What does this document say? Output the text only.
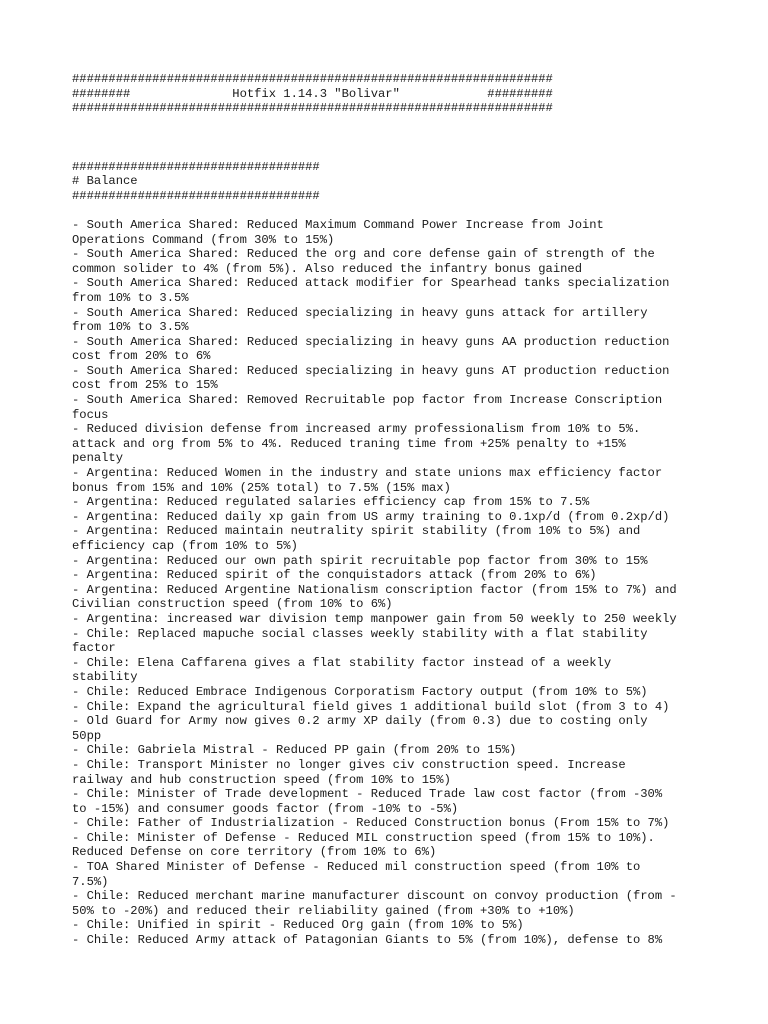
##################################################################
########              Hotfix 1.14.3 "Bolivar"            #########
##################################################################
##################################
# Balance
##################################
- South America Shared: Reduced Maximum Command Power Increase from Joint
Operations Command (from 30% to 15%)
- South America Shared: Reduced the org and core defense gain of strength of the
common solider to 4% (from 5%). Also reduced the infantry bonus gained
- South America Shared: Reduced attack modifier for Spearhead tanks specialization
from 10% to 3.5%
- South America Shared: Reduced specializing in heavy guns attack for artillery
from 10% to 3.5%
- South America Shared: Reduced specializing in heavy guns AA production reduction
cost from 20% to 6%
- South America Shared: Reduced specializing in heavy guns AT production reduction
cost from 25% to 15%
- South America Shared: Removed Recruitable pop factor from Increase Conscription
focus
- Reduced division defense from increased army professionalism from 10% to 5%.
attack and org from 5% to 4%. Reduced traning time from +25% penalty to +15%
penalty
- Argentina: Reduced Women in the industry and state unions max efficiency factor
bonus from 15% and 10% (25% total) to 7.5% (15% max)
- Argentina: Reduced regulated salaries efficiency cap from 15% to 7.5%
- Argentina: Reduced daily xp gain from US army training to 0.1xp/d (from 0.2xp/d)
- Argentina: Reduced maintain neutrality spirit stability (from 10% to 5%) and
efficiency cap (from 10% to 5%)
- Argentina: Reduced our own path spirit recruitable pop factor from 30% to 15%
- Argentina: Reduced spirit of the conquistadors attack (from 20% to 6%)
- Argentina: Reduced Argentine Nationalism conscription factor (from 15% to 7%) and
Civilian construction speed (from 10% to 6%)
- Argentina: increased war division temp manpower gain from 50 weekly to 250 weekly
- Chile: Replaced mapuche social classes weekly stability with a flat stability
factor
- Chile: Elena Caffarena gives a flat stability factor instead of a weekly
stability
- Chile: Reduced Embrace Indigenous Corporatism Factory output (from 10% to 5%)
- Chile: Expand the agricultural field gives 1 additional build slot (from 3 to 4)
- Old Guard for Army now gives 0.2 army XP daily (from 0.3) due to costing only
50pp
- Chile: Gabriela Mistral - Reduced PP gain (from 20% to 15%)
- Chile: Transport Minister no longer gives civ construction speed. Increase
railway and hub construction speed (from 10% to 15%)
- Chile: Minister of Trade development - Reduced Trade law cost factor (from -30%
to -15%) and consumer goods factor (from -10% to -5%)
- Chile: Father of Industrialization - Reduced Construction bonus (From 15% to 7%)
- Chile: Minister of Defense - Reduced MIL construction speed (from 15% to 10%).
Reduced Defense on core territory (from 10% to 6%)
- TOA Shared Minister of Defense - Reduced mil construction speed (from 10% to
7.5%)
- Chile: Reduced merchant marine manufacturer discount on convoy production (from -
50% to -20%) and reduced their reliability gained (from +30% to +10%)
- Chile: Unified in spirit - Reduced Org gain (from 10% to 5%)
- Chile: Reduced Army attack of Patagonian Giants to 5% (from 10%), defense to 8%
